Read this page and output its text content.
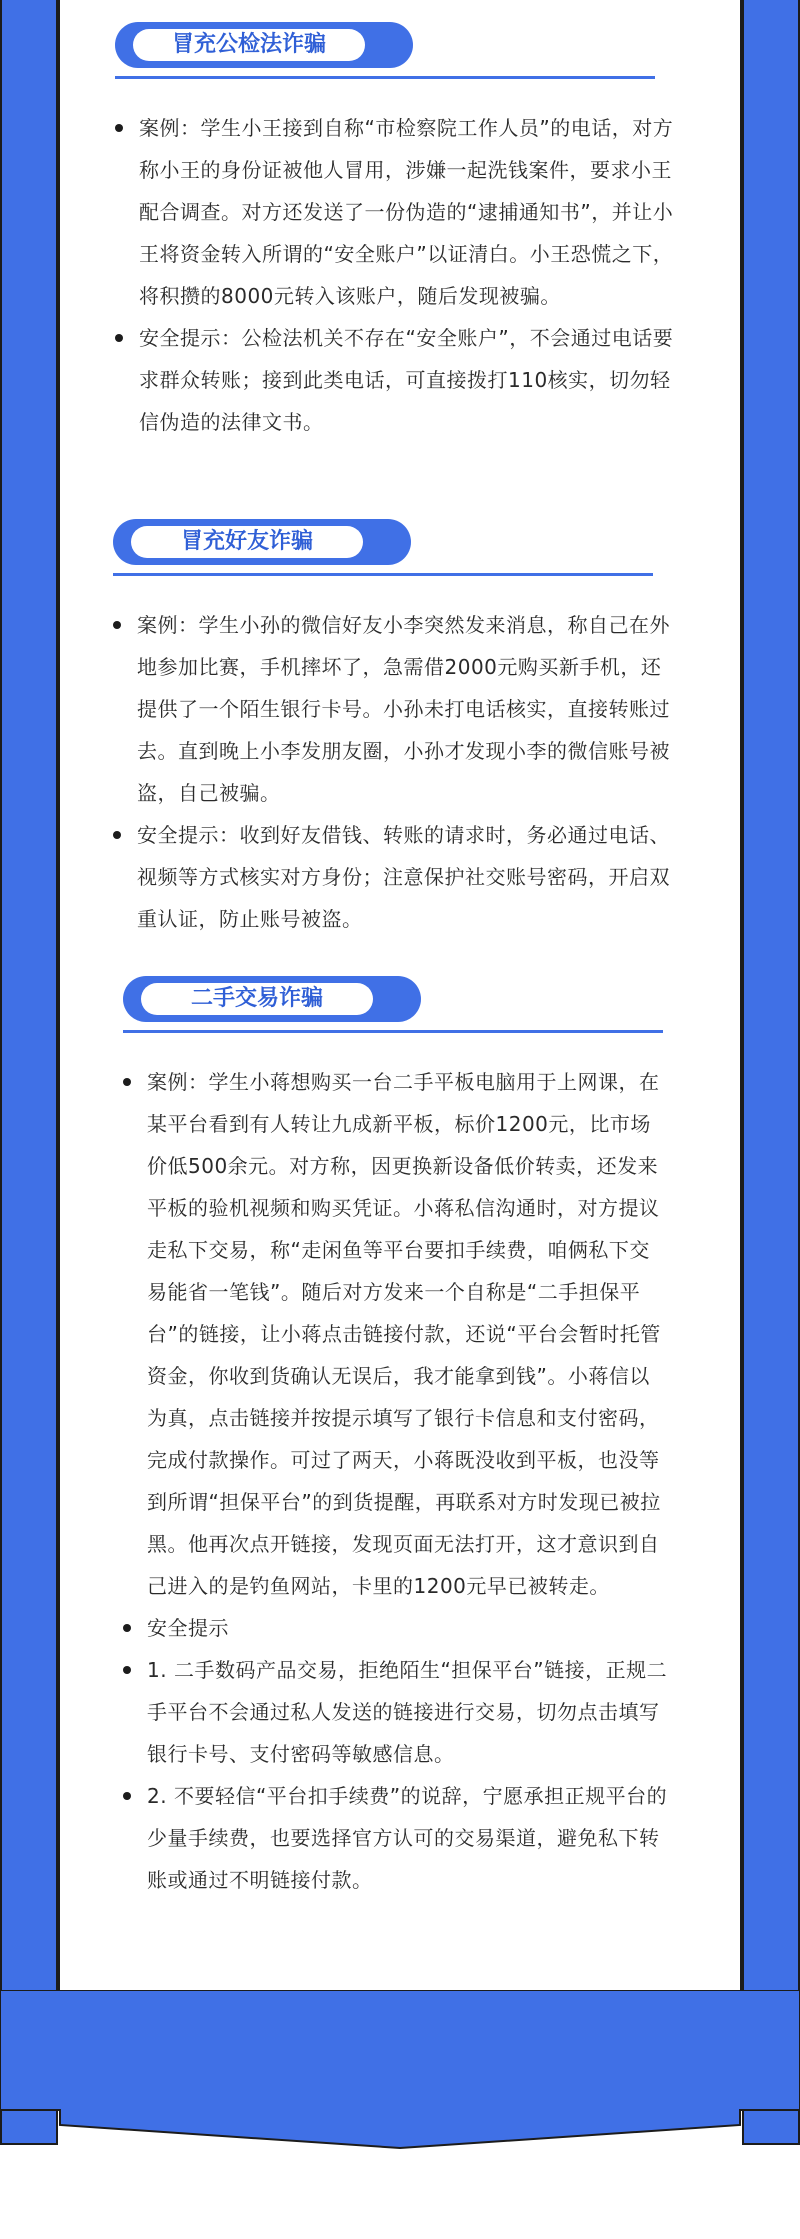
冒充公检法诈骗
案例：学生小王接到自称“市检察院工作人员”的电话，对方称小王的身份证被他人冒用，涉嫌一起洗钱案件，要求小王配合调查。对方还发送了一份伪造的“逮捕通知书”，并让小王将资金转入所谓的“安全账户”以证清白。小王恐慌之下，将积攒的8000元转入该账户，随后发现被骗。
安全提示：公检法机关不存在“安全账户”，不会通过电话要求群众转账；接到此类电话，可直接拨打110核实，切勿轻信伪造的法律文书。
冒充好友诈骗
案例：学生小孙的微信好友小李突然发来消息，称自己在外地参加比赛，手机摔坏了，急需借2000元购买新手机，还提供了一个陌生银行卡号。小孙未打电话核实，直接转账过去。直到晚上小李发朋友圈，小孙才发现小李的微信账号被盗，自己被骗。
安全提示：收到好友借钱、转账的请求时，务必通过电话、视频等方式核实对方身份；注意保护社交账号密码，开启双重认证，防止账号被盗。
二手交易诈骗
案例：学生小蒋想购买一台二手平板电脑用于上网课，在某平台看到有人转让九成新平板，标价1200元，比市场价低500余元。对方称，因更换新设备低价转卖，还发来平板的验机视频和购买凭证。小蒋私信沟通时，对方提议走私下交易，称“走闲鱼等平台要扣手续费，咱俩私下交易能省一笔钱”。随后对方发来一个自称是“二手担保平台”的链接，让小蒋点击链接付款，还说“平台会暂时托管资金，你收到货确认无误后，我才能拿到钱”。小蒋信以为真，点击链接并按提示填写了银行卡信息和支付密码，完成付款操作。可过了两天，小蒋既没收到平板，也没等到所谓“担保平台”的到货提醒，再联系对方时发现已被拉黑。他再次点开链接，发现页面无法打开，这才意识到自己进入的是钓鱼网站，卡里的1200元早已被转走。
安全提示
1. 二手数码产品交易，拒绝陌生“担保平台”链接，正规二手平台不会通过私人发送的链接进行交易，切勿点击填写银行卡号、支付密码等敏感信息。
2. 不要轻信“平台扣手续费”的说辞，宁愿承担正规平台的少量手续费，也要选择官方认可的交易渠道，避免私下转账或通过不明链接付款。
